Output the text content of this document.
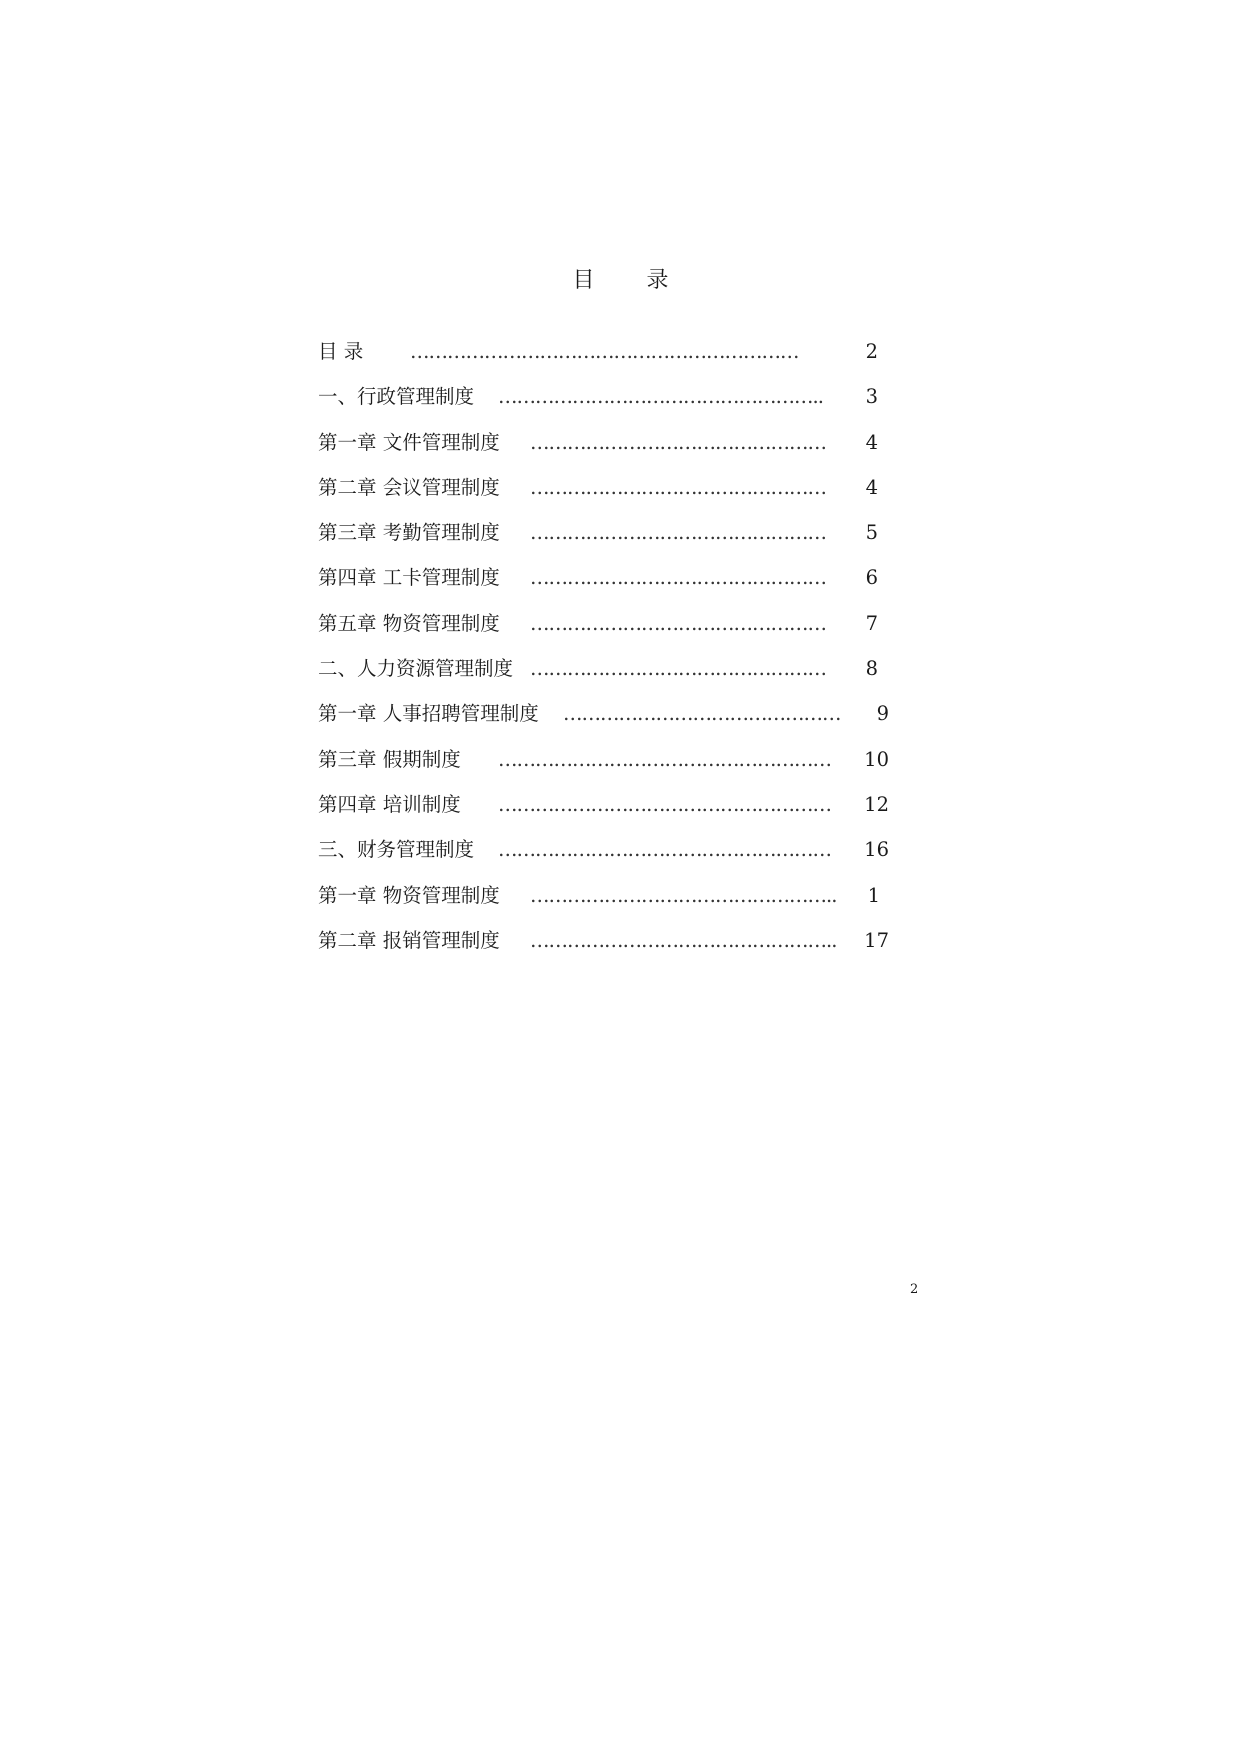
目 录
目 录 ………………………………………………………	2
一、行政管理制度 ……………………………………………..	3
第一章 文件管理制度 …………………………………………	4
第二章 会议管理制度 …………………………………………	4
第三章 考勤管理制度 …………………………………………	5
第四章 工卡管理制度 …………………………………………	6
第五章 物资管理制度 …………………………………………	7
二、人力资源管理制度 …………………………………………	8
第一章 人事招聘管理制度 ………………………………………	9
第三章 假期制度 ………………………………………………	10
第四章 培训制度 ………………………………………………	12
三、财务管理制度 ………………………………………………	16
第一章 物资管理制度 …………………………………………..	1
第二章 报销管理制度 …………………………………………..	17
2
